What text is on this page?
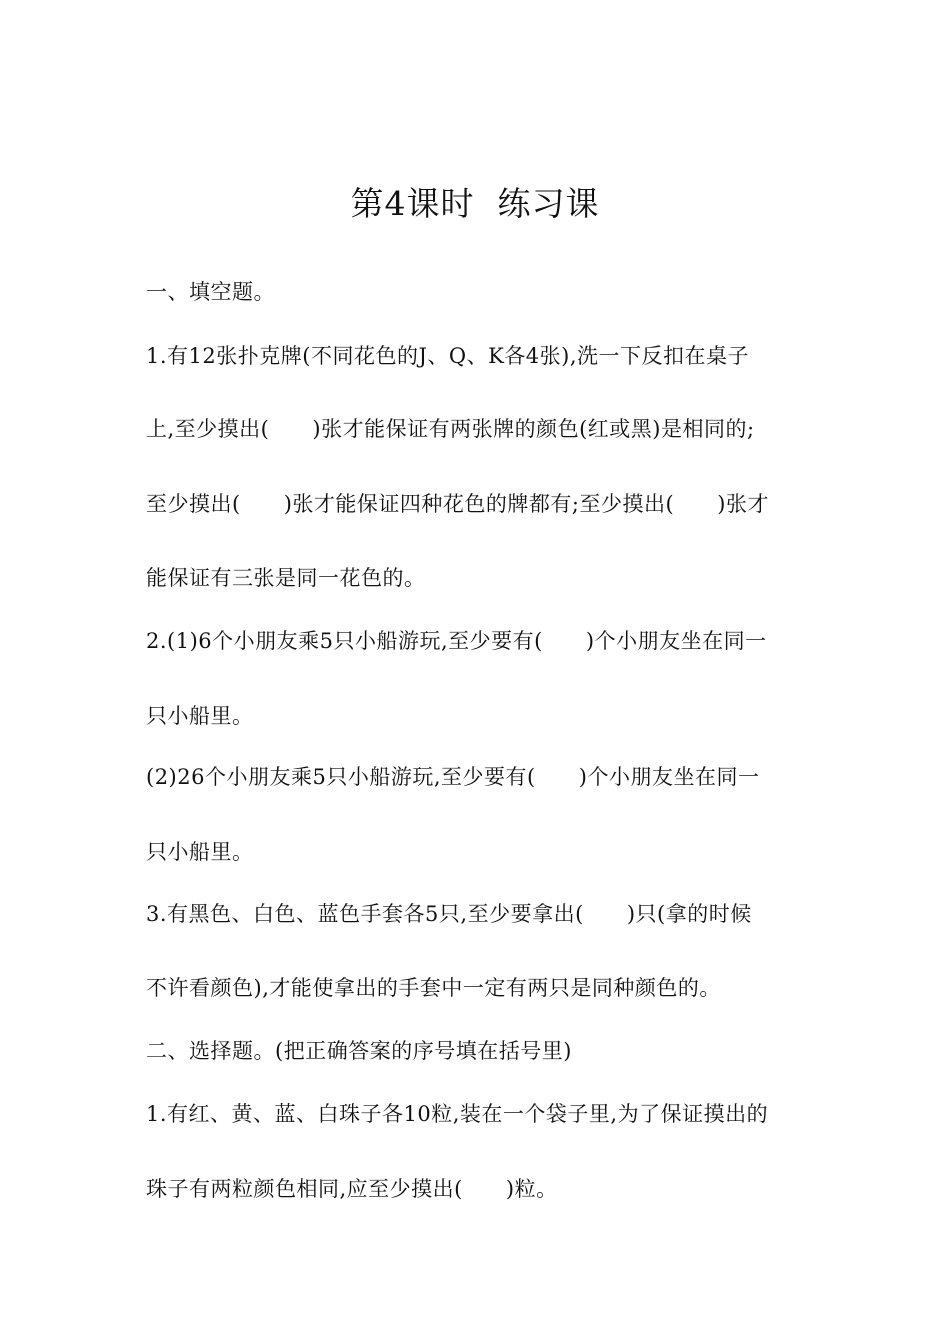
第4课时  练习课
一、填空题。
1.有12张扑克牌(不同花色的J、Q、K各4张),洗一下反扣在桌子
上,至少摸出(      )张才能保证有两张牌的颜色(红或黑)是相同的;
至少摸出(      )张才能保证四种花色的牌都有;至少摸出(      )张才
能保证有三张是同一花色的。
2.(1)6个小朋友乘5只小船游玩,至少要有(      )个小朋友坐在同一
只小船里。
(2)26个小朋友乘5只小船游玩,至少要有(      )个小朋友坐在同一
只小船里。
3.有黑色、白色、蓝色手套各5只,至少要拿出(      )只(拿的时候
不许看颜色),才能使拿出的手套中一定有两只是同种颜色的。
二、选择题。(把正确答案的序号填在括号里)
1.有红、黄、蓝、白珠子各10粒,装在一个袋子里,为了保证摸出的
珠子有两粒颜色相同,应至少摸出(      )粒。
